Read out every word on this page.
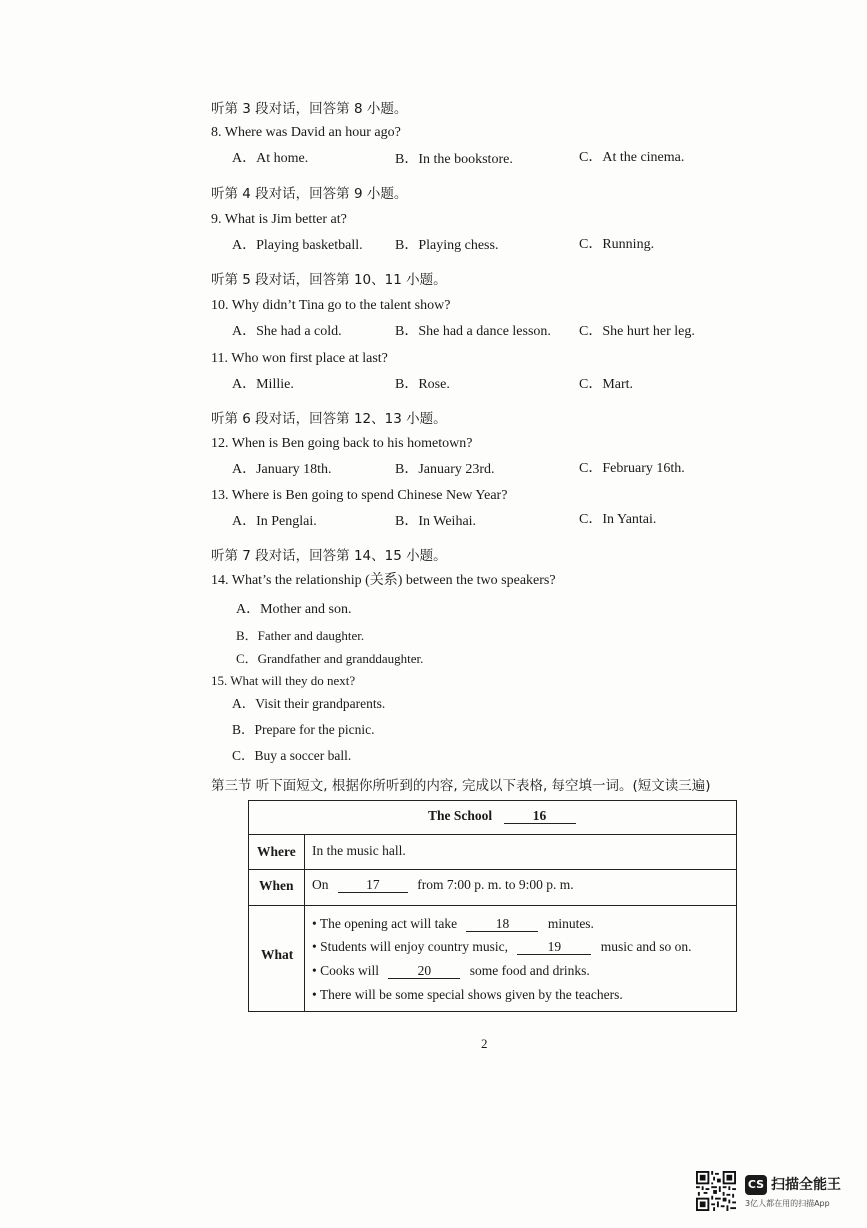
听第 3 段对话，回答第 8 小题。
8. Where was David an hour ago?
A．At home.	B．In the bookstore.	C．At the cinema.
听第 4 段对话，回答第 9 小题。
9. What is Jim better at?
A．Playing basketball. B．Playing chess.	C．Running.
听第 5 段对话，回答第 10、11 小题。
10. Why didn’t Tina go to the talent show?
A．She had a cold.	B．She had a dance lesson. C．She hurt her leg.
11. Who won first place at last?
A．Millie.	B．Rose.	C．Mart.
听第 6 段对话，回答第 12、13 小题。
12. When is Ben going back to his hometown?
A．January 18th.	B．January 23rd.	C．February 16th.
13. Where is Ben going to spend Chinese New Year?
A．In Penglai.	B．In Weihai.	C．In Yantai.
听第 7 段对话，回答第 14、15 小题。
14. What’s the relationship (关系) between the two speakers?
A．Mother and son.
B．Father and daughter.
C．Grandfather and granddaughter.
15. What will they do next?
A．Visit their grandparents.
B．Prepare for the picnic.
C．Buy a soccer ball.
第三节 听下面短文, 根据你所听到的内容, 完成以下表格, 每空填一词。(短文读三遍)
The School	16
Where In the music hall.
When On	17	from 7:00 p. m. to 9:00 p. m.
What
• The opening act will take	18	minutes.
• Students will enjoy country music,	19	music and so on.
• Cooks will	20	some food and drinks.
• There will be some special shows given by the teachers.
2
CS 扫描全能王
3亿人都在用的扫描App
